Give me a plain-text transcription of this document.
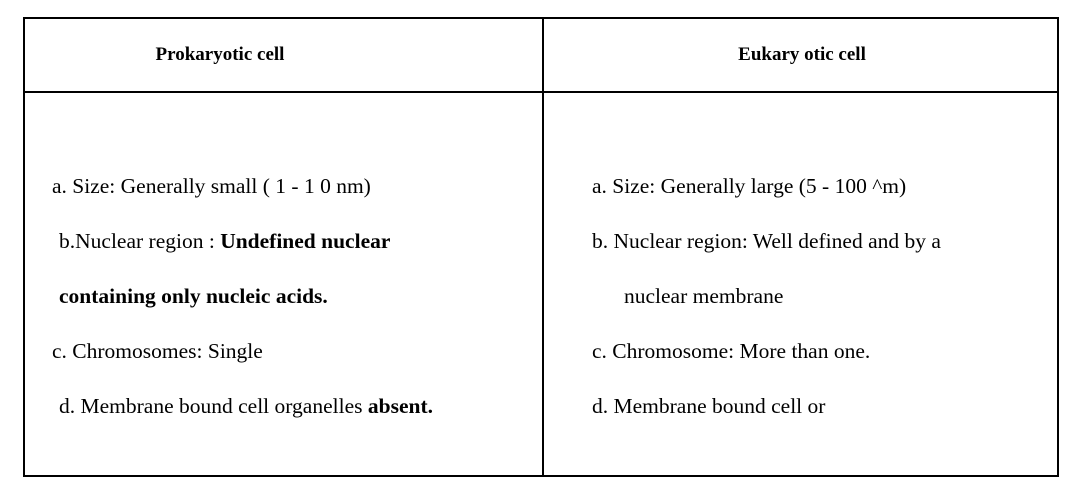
Prokaryotic cell	Eukary otic cell
a. Size: Generally small ( 1 - 1 0 nm)
b.Nuclear region : Undefined nuclear
containing only nucleic acids.
c. Chromosomes: Single
d. Membrane bound cell organelles absent.
a. Size: Generally large (5 - 100 ^m)
b. Nuclear region: Well defined and by a
nuclear membrane
c. Chromosome: More than one.
d. Membrane bound cell or
